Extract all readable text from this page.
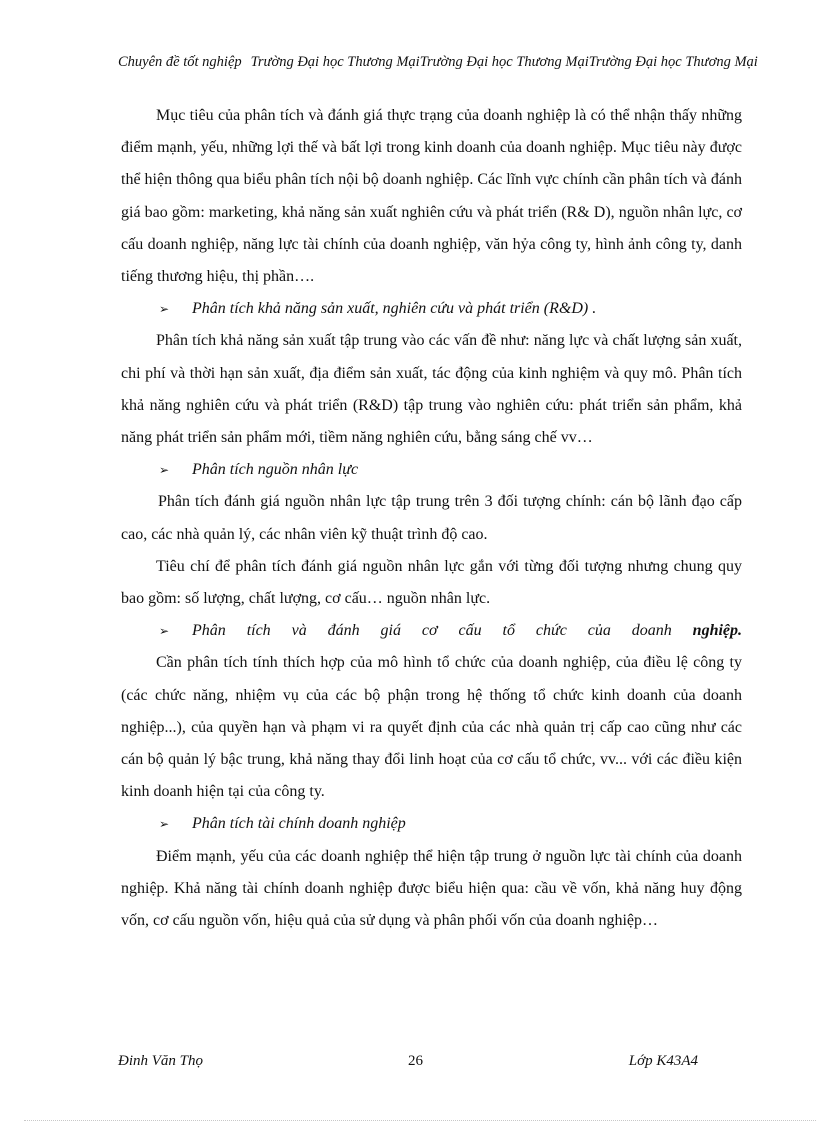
Chuyên đề tốt nghiệp Trường Đại học Thương MạiTrường Đại học Thương MạiTrường Đại học Thương Mại

Mục tiêu của phân tích và đánh giá thực trạng của doanh nghiệp là có thể nhận thấy những điểm mạnh, yếu, những lợi thế và bất lợi trong kinh doanh của doanh nghiệp. Mục tiêu này được thể hiện thông qua biểu phân tích nội bộ doanh nghiệp. Các lĩnh vực chính cần phân tích và đánh giá bao gồm: marketing, khả năng sản xuất nghiên cứu và phát triển (R& D), nguồn nhân lực, cơ cấu doanh nghiệp, năng lực tài chính của doanh nghiệp, văn hỷa công ty, hình ảnh công ty, danh tiếng thương hiệu, thị phần….

➢	Phân tích khả năng sản xuất, nghiên cứu và phát triển (R&D) .

Phân tích khả năng sản xuất tập trung vào các vấn đề như: năng lực và chất lượng sản xuất, chi phí và thời hạn sản xuất, địa điểm sản xuất, tác động của kinh nghiệm và quy mô. Phân tích khả năng nghiên cứu và phát triển (R&D) tập trung vào nghiên cứu: phát triển sản phẩm, khả năng phát triển sản phẩm mới, tiềm năng nghiên cứu, bằng sáng chế vv…

➢	Phân tích nguồn nhân lực

Phân tích đánh giá nguồn nhân lực tập trung trên 3 đối tượng chính: cán bộ lãnh đạo cấp cao, các nhà quản lý, các nhân viên kỹ thuật trình độ cao.

Tiêu chí để phân tích đánh giá nguồn nhân lực gắn với từng đối tượng nhưng chung quy bao gồm: số lượng, chất lượng, cơ cấu… nguồn nhân lực.

➢	Phân tích và đánh giá cơ cấu tổ chức của doanh nghiệp.

Cần phân tích tính thích hợp của mô hình tổ chức của doanh nghiệp, của điều lệ công ty (các chức năng, nhiệm vụ của các bộ phận trong hệ thống tổ chức kinh doanh của doanh nghiệp...), của quyền hạn và phạm vi ra quyết định của các nhà quản trị cấp cao cũng như các cán bộ quản lý bậc trung, khả năng thay đổi linh hoạt của cơ cấu tổ chức, vv... với các điều kiện kinh doanh hiện tại của công ty.

➢	Phân tích tài chính doanh nghiệp

Điểm mạnh, yếu của các doanh nghiệp thể hiện tập trung ở nguồn lực tài chính của doanh nghiệp. Khả năng tài chính doanh nghiệp được biểu hiện qua: cầu về vốn, khả năng huy động vốn, cơ cấu nguồn vốn, hiệu quả của sử dụng và phân phối vốn của doanh nghiệp…

Đinh Văn Thọ	26	Lớp K43A4
